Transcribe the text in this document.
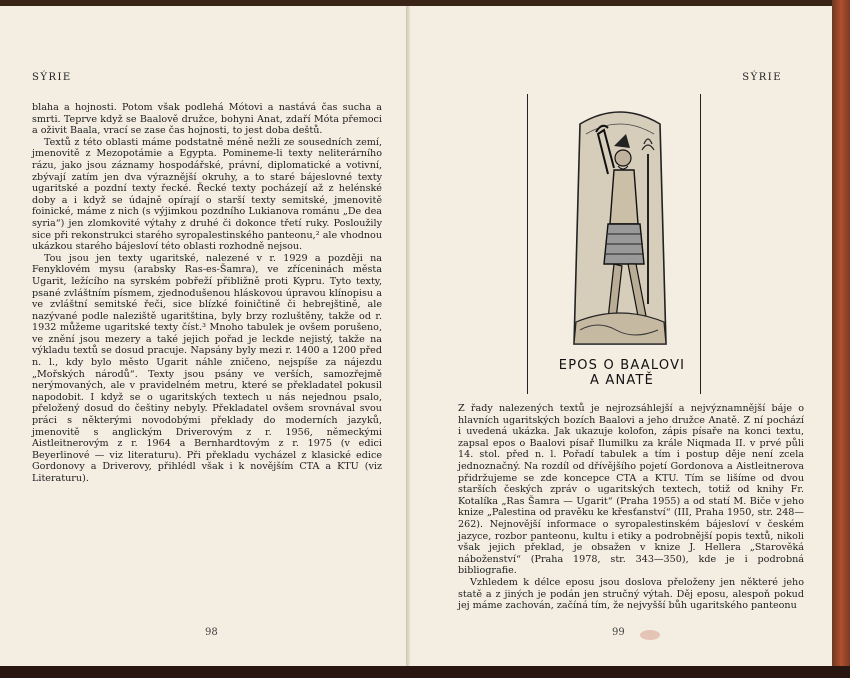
SÝRIE

blaha a hojnosti. Potom však podlehá Mótovi a nastává čas sucha a smrti. Teprve když se Baalově družce, bohyni Anat, zdaří Móta přemoci a oživit Baala, vrací se zase čas hojnosti, to jest doba deštů.

Textů z této oblasti máme podstatně méně nežli ze sousedních zemí, jmenovitě z Mezopotámie a Egypta. Pomineme-li texty neliterárního rázu, jako jsou záznamy hospodářské, právní, diplomatické a votivní, zbývají zatím jen dva výraznější okruhy, a to staré bájeslovné texty ugaritské a pozdní texty řecké. Řecké texty pocházejí až z helénské doby a i když se údajně opírají o starší texty semitské, jmenovitě foinické, máme z nich (s výjimkou pozdního Lukianova románu „De dea syria“) jen zlomkovité výtahy z druhé či dokonce třetí ruky. Posloužily sice při rekonstrukci starého syropalestinského panteonu,² ale vhodnou ukázkou starého bájesloví této oblasti rozhodně nejsou.

Tou jsou jen texty ugaritské, nalezené v r. 1929 a později na Fenyklovém mysu (arabsky Ras-es-Šamra), ve zříceninách města Ugarit, ležícího na syrském pobřeží přibližně proti Kypru. Tyto texty, psané zvláštním písmem, zjednodušenou hláskovou úpravou klínopisu a ve zvláštní semitské řeči, sice blízké foiničtině či hebrejštině, ale nazývané podle naleziště ugaritština, byly brzy rozluštěny, takže od r. 1932 můžeme ugaritské texty číst.³ Mnoho tabulek je ovšem porušeno, ve znění jsou mezery a také jejich pořad je leckde nejistý, takže na výkladu textů se dosud pracuje. Napsány byly mezi r. 1400 a 1200 před n. l., kdy bylo město Ugarit náhle zničeno, nejspíše za nájezdu „Mořských národů“. Texty jsou psány ve verších, samozřejmě nerýmovaných, ale v pravidelném metru, které se překladatel pokusil napodobit. I když se o ugaritských textech u nás nejednou psalo, přeložený dosud do češtiny nebyly. Překladatel ovšem srovnával svou práci s některými novodobými překlady do moderních jazyků, jmenovitě s anglickým Driverovým z r. 1956, německými Aistleitnerovým z r. 1964 a Bernhardtovým z r. 1975 (v edici Beyerlinové — viz literaturu). Při překladu vycházel z klasické edice Gordonovy a Driverovy, přihlédl však i k novějším CTA a KTU (viz Literaturu).

98
SÝRIE
99
EPOS O BAALOVI
A ANATĚ

Z řady nalezených textů je nejrozsáhlejší a nejvýznamnější báje o hlavních ugaritských bozích Baalovi a jeho družce Anatě. Z ní pochází i uvedená ukázka. Jak ukazuje kolofon, zápis písaře na konci textu, zapsal epos o Baalovi písař Ilumilku za krále Niqmada II. v prvé půli 14. stol. před n. l. Pořadí tabulek a tím i postup děje není zcela jednoznačný. Na rozdíl od dřívějšího pojetí Gordonova a Aistleitnerova přidržujeme se zde koncepce CTA a KTU. Tím se lišíme od dvou starších českých zpráv o ugaritských textech, totiž od knihy Fr. Kotalíka „Ras Šamra — Ugarit“ (Praha 1955) a od statí M. Biče v jeho knize „Palestina od pravěku ke křesťanství“ (III, Praha 1950, str. 248—262). Nejnovější informace o syropalestinském bájesloví v českém jazyce, rozbor panteonu, kultu i etiky a podrobnější popis textů, nikoli však jejich překlad, je obsažen v knize J. Hellera „Starověká náboženství“ (Praha 1978, str. 343—350), kde je i podrobná bibliografie.

Vzhledem k délce eposu jsou doslova přeloženy jen některé jeho statě a z jiných je podán jen stručný výtah. Děj eposu, alespoň pokud jej máme zachován, začíná tím, že nejvyšší bůh ugaritského panteonu
